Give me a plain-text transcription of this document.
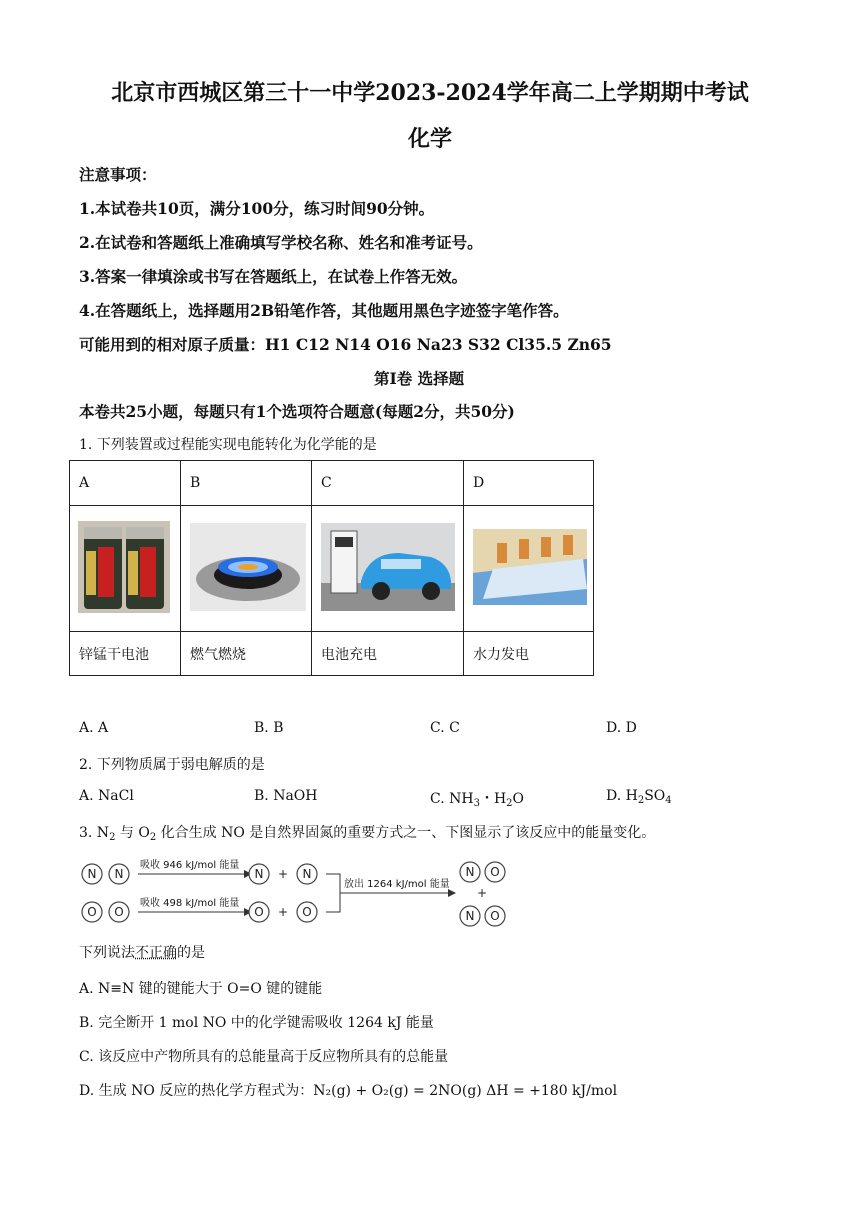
北京市西城区第三十一中学2023-2024学年高二上学期期中考试
化学
注意事项：
1.本试卷共10页，满分100分，练习时间90分钟。
2.在试卷和答题纸上准确填写学校名称、姓名和准考证号。
3.答案一律填涂或书写在答题纸上，在试卷上作答无效。
4.在答题纸上，选择题用2B铅笔作答，其他题用黑色字迹签字笔作答。
可能用到的相对原子质量：H1 C12 N14 O16 Na23 S32 Cl35.5 Zn65
第I卷 选择题
本卷共25小题，每题只有1个选项符合题意(每题2分，共50分)
1. 下列装置或过程能实现电能转化为化学能的是
A	B	C	D

锌锰干电池	燃气燃烧	电池充电	水力发电
A. A	B. B	C. C	D. D
2. 下列物质属于弱电解质的是
A. NaCl	B. NaOH	C. $NH_3$・$H_2O$	D. $H_2SO_4$
3. $N_2$ 与 $O_2$ 化合生成 NO 是自然界固氮的重要方式之一、下图显示了该反应中的能量变化。
N N
吸收 946 kJ/mol 能量
N + N
O O
吸收 498 kJ/mol 能量
O + O
放出 1264 kJ/mol 能量
N O
+
N O
下列说法不正确的是
A. N≡N 键的键能大于 O=O 键的键能
B. 完全断开 1 mol NO 中的化学键需吸收 1264 kJ 能量
C. 该反应中产物所具有的总能量高于反应物所具有的总能量
D. 生成 NO 反应的热化学方程式为：N₂(g) + O₂(g) = 2NO(g) ΔH = +180 kJ/mol
